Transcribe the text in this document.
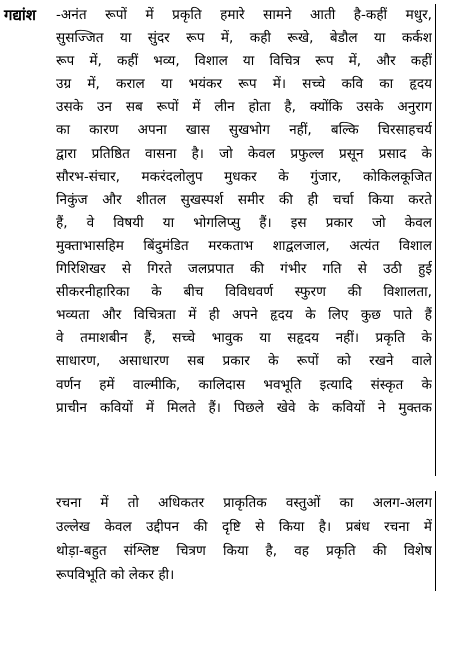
गद्यांश -अनंत रूपों में प्रकृति हमारे सामने आती है-कहीं मधुर,
सुसज्जित या सुंदर रूप में, कही रूखे, बेडौल या कर्कश
रूप में, कहीं भव्य, विशाल या विचित्र रूप में, और कहीं
उग्र में, कराल या भयंकर रूप में। सच्चे कवि का हृदय
उसके उन सब रूपों में लीन होता है, क्योंकि उसके अनुराग
का कारण अपना खास सुखभोग नहीं, बल्कि चिरसाहचर्य
द्वारा प्रतिष्ठित वासना है। जो केवल प्रफुल्ल प्रसून प्रसाद के
सौरभ-संचार, मकरंदलोलुप मुधकर के गुंजार, कोकिलकूजित
निकुंज और शीतल सुखस्पर्श समीर की ही चर्चा किया करते
हैं, वे विषयी या भोगलिप्सु हैं। इस प्रकार जो केवल
मुक्ताभासहिम बिंदुमंडित मरकताभ शाद्वलजाल, अत्यंत विशाल
गिरिशिखर से गिरते जलप्रपात की गंभीर गति से उठी हुई
सीकरनीहारिका के बीच विविधवर्ण स्फुरण की विशालता,
भव्यता और विचित्रता में ही अपने हृदय के लिए कुछ पाते हैं
वे तमाशबीन हैं, सच्चे भावुक या सहृदय नहीं। प्रकृति के
साधारण, असाधारण सब प्रकार के रूपों को रखने वाले
वर्णन हमें वाल्मीकि, कालिदास भवभूति इत्यादि संस्कृत के
प्राचीन कवियों में मिलते हैं। पिछले खेवे के कवियों ने मुक्तक
रचना में तो अधिकतर प्राकृतिक वस्तुओं का अलग-अलग
उल्लेख केवल उद्दीपन की दृष्टि से किया है। प्रबंध रचना में
थोड़ा-बहुत संश्लिष्ट चित्रण किया है, वह प्रकृति की विशेष
रूपविभूति को लेकर ही।
